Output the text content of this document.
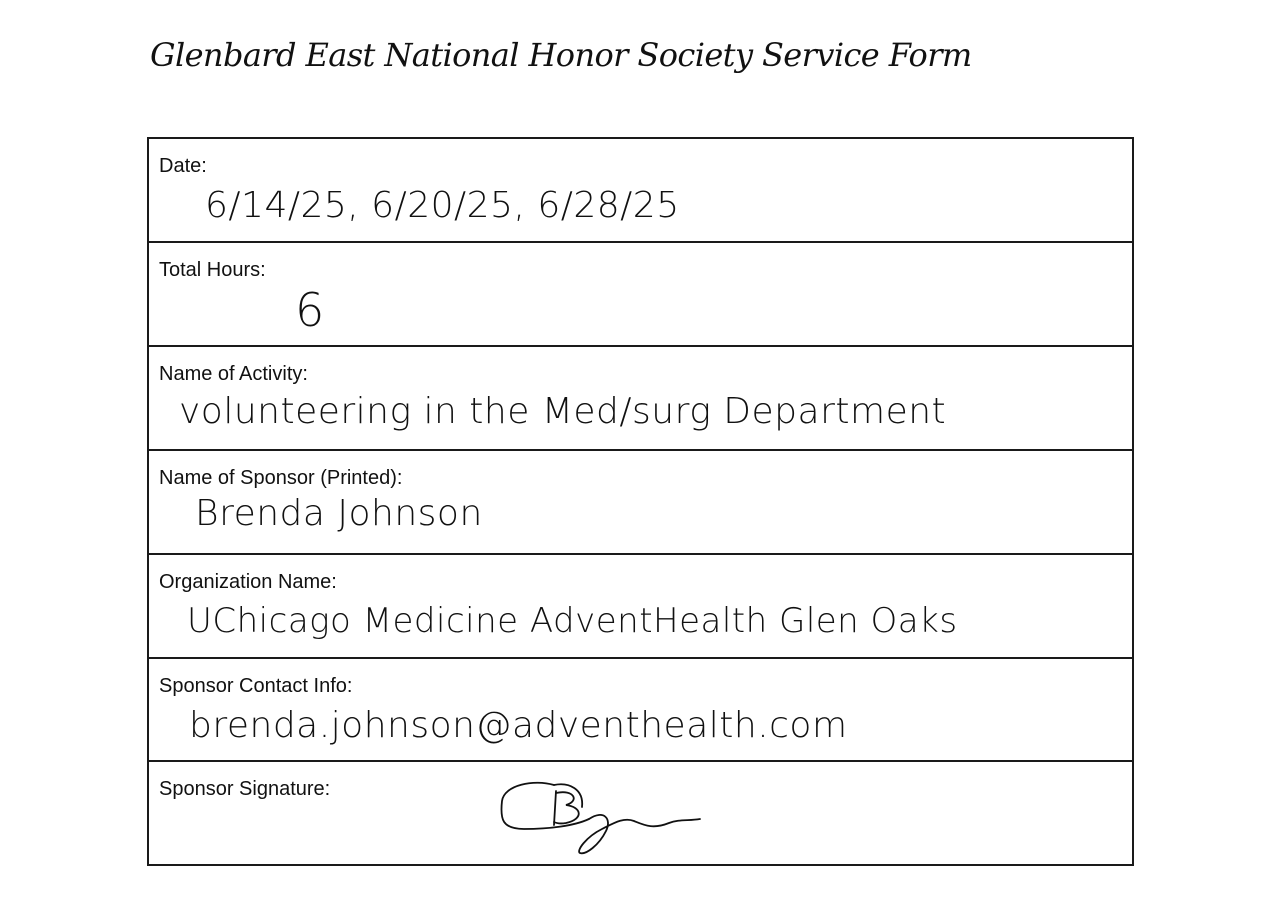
Glenbard East National Honor Society Service Form
Date:
6/14/25, 6/20/25, 6/28/25
Total Hours:
6
Name of Activity:
volunteering in the Med/surg Department
Name of Sponsor (Printed):
Brenda Johnson
Organization Name:
UChicago Medicine AdventHealth Glen Oaks
Sponsor Contact Info:
brenda.johnson@adventhealth.com
Sponsor Signature:
